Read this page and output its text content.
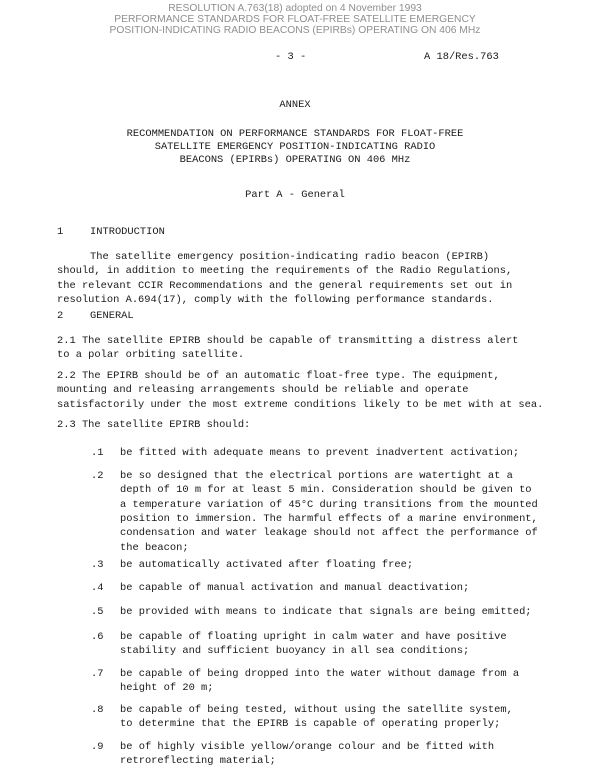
RESOLUTION A.763(18) adopted on 4 November 1993
PERFORMANCE STANDARDS FOR FLOAT-FREE SATELLITE EMERGENCY
POSITION-INDICATING RADIO BEACONS (EPIRBs) OPERATING ON 406 MHz
- 3 -	A 18/Res.763
ANNEX
RECOMMENDATION ON PERFORMANCE STANDARDS FOR FLOAT-FREE
SATELLITE EMERGENCY POSITION-INDICATING RADIO
BEACONS (EPIRBs) OPERATING ON 406 MHz
Part A - General
1	INTRODUCTION
The satellite emergency position-indicating radio beacon (EPIRB)
should, in addition to meeting the requirements of the Radio Regulations,
the relevant CCIR Recommendations and the general requirements set out in
resolution A.694(17), comply with the following performance standards.
2	GENERAL
2.1 The satellite EPIRB should be capable of transmitting a distress alert
to a polar orbiting satellite.
2.2 The EPIRB should be of an automatic float-free type. The equipment,
mounting and releasing arrangements should be reliable and operate
satisfactorily under the most extreme conditions likely to be met with at sea.
2.3 The satellite EPIRB should:
.1 be fitted with adequate means to prevent inadvertent activation;
.2 be so designed that the electrical portions are watertight at a
depth of 10 m for at least 5 min. Consideration should be given to
a temperature variation of 45°C during transitions from the mounted
position to immersion. The harmful effects of a marine environment,
condensation and water leakage should not affect the performance of
the beacon;
.3 be automatically activated after floating free;
.4 be capable of manual activation and manual deactivation;
.5 be provided with means to indicate that signals are being emitted;
.6 be capable of floating upright in calm water and have positive
stability and sufficient buoyancy in all sea conditions;
.7 be capable of being dropped into the water without damage from a
height of 20 m;
.8 be capable of being tested, without using the satellite system,
to determine that the EPIRB is capable of operating properly;
.9 be of highly visible yellow/orange colour and be fitted with
retroreflecting material;
